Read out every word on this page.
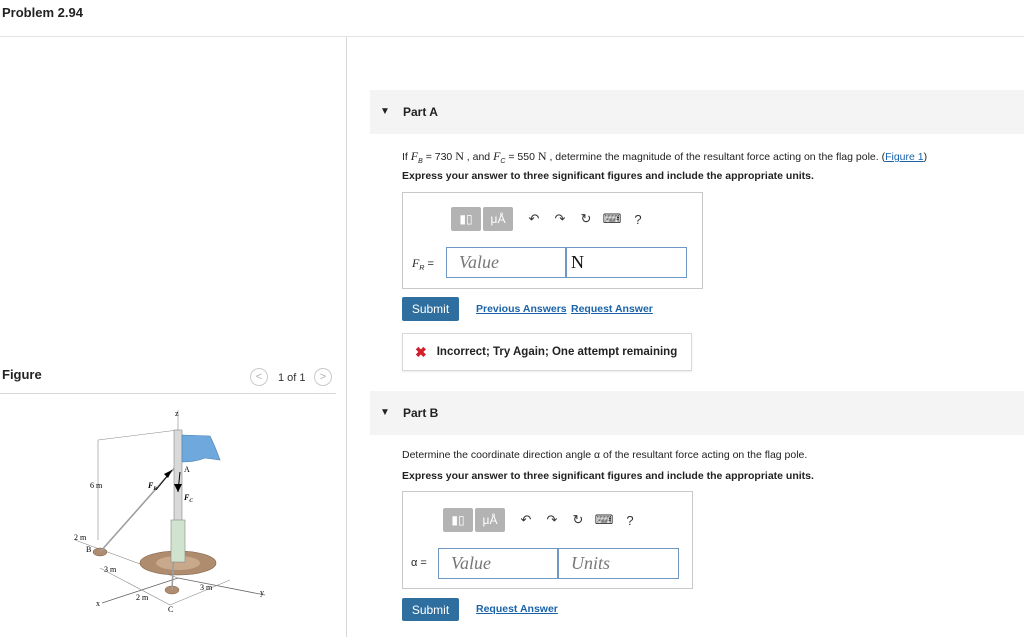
Problem 2.94
Figure	< 1 of 1 >
y
x
6 m
2 m
3 m
2 m
3 m
B
C
z
A
$F_B$
$F_C$
▼ Part A
If $F_B = 730$ N , and $F_C = 550$ N , determine the magnitude of the resultant force acting on the flag pole. (Figure 1)
Express your answer to three significant figures and include the appropriate units.
▮▯ μÅ ↶ ↷ ↻ ⌨ ?
$F_R$ =	Value	N
Submit	Previous Answers Request Answer
✖ Incorrect; Try Again; One attempt remaining
▼ Part B
Determine the coordinate direction angle α of the resultant force acting on the flag pole.
Express your answer to three significant figures and include the appropriate units.
▮▯ μÅ ↶ ↷ ↻ ⌨ ?
α =	Value	Units
Submit	Request Answer
